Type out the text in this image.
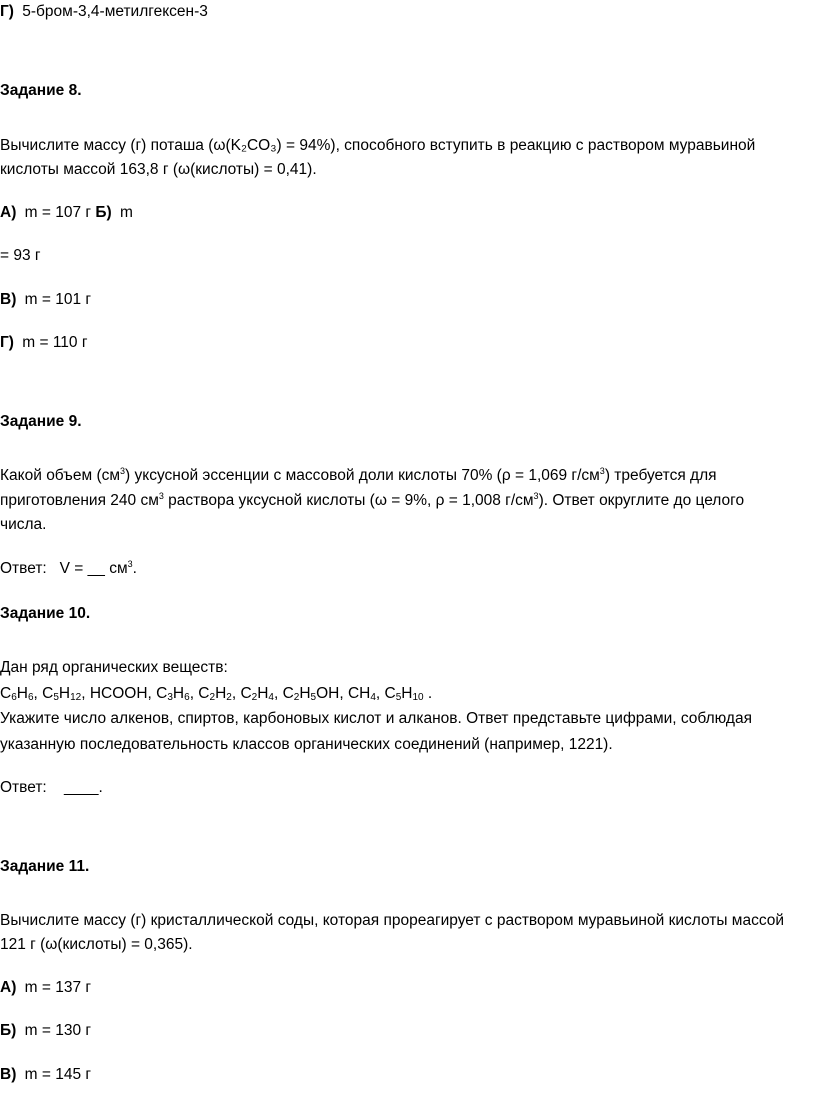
Г) 5-бром-3,4-метилгексен-3
Задание 8.
Вычислите массу (г) поташа (ω(K₂CO₃) = 94%), способного вступить в реакцию с раствором муравьиной
кислоты массой 163,8 г (ω(кислоты) = 0,41).
А) m = 107 г Б) m
= 93 г
В) m = 101 г
Г) m = 110 г
Задание 9.
Какой объем $(см^3)$ уксусной эссенции с массовой доли кислоты 70% (ρ = 1,069 $г/см^3$) требуется для
приготовления 240 $см^3$ раствора уксусной кислоты (ω = 9%, ρ = 1,008 $г/см^3$). Ответ округлите до целого
числа.
Ответ: V = __ $см^3$.
Задание 10.
Дан ряд органических веществ:
$C_6H_6$, $C_5H_{12}$, HCOOH, $C_3H_6$, $C_2H_2$, $C_2H_4$, $C_2H_5OH$, $CH_4$, $C_5H_{10}$ .
Укажите число алкенов, спиртов, карбоновых кислот и алканов. Ответ представьте цифрами, соблюдая
указанную последовательность классов органических соединений (например, 1221).
Ответ: ____.
Задание 11.
Вычислите массу (г) кристаллической соды, которая прореагирует с раствором муравьиной кислоты массой
121 г (ω(кислоты) = 0,365).
А) m = 137 г
Б) m = 130 г
В) m = 145 г
